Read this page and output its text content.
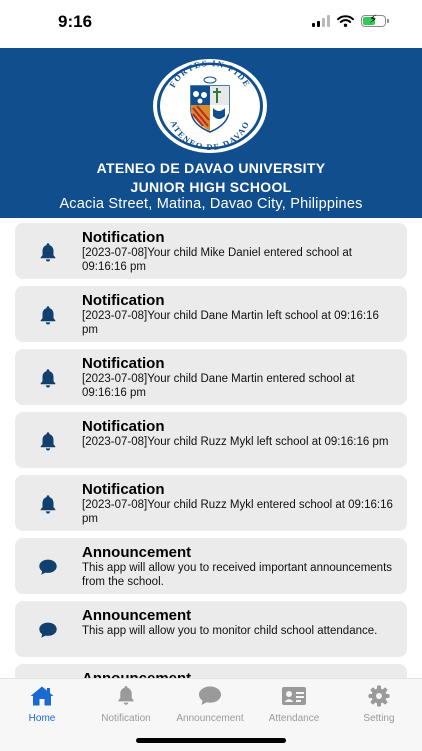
9:16	⚡
FORTES IN FIDE
ATENEO DE DAVAO
ATENEO DE DAVAO UNIVERSITY
JUNIOR HIGH SCHOOL
Acacia Street, Matina, Davao City, Philippines
Notification
[2023-07-08]Your child Mike Daniel entered school at 09:16:16 pm
Notification
[2023-07-08]Your child Dane Martin left school at 09:16:16 pm
Notification
[2023-07-08]Your child Dane Martin entered school at 09:16:16 pm
Notification
[2023-07-08]Your child Ruzz Mykl left school at 09:16:16 pm
Notification
[2023-07-08]Your child Ruzz Mykl entered school at 09:16:16 pm
Announcement
This app will allow you to received important announcements from the school.
Announcement
This app will allow you to monitor child school attendance.
Home	Notification	Announcement	Attendance	Setting
